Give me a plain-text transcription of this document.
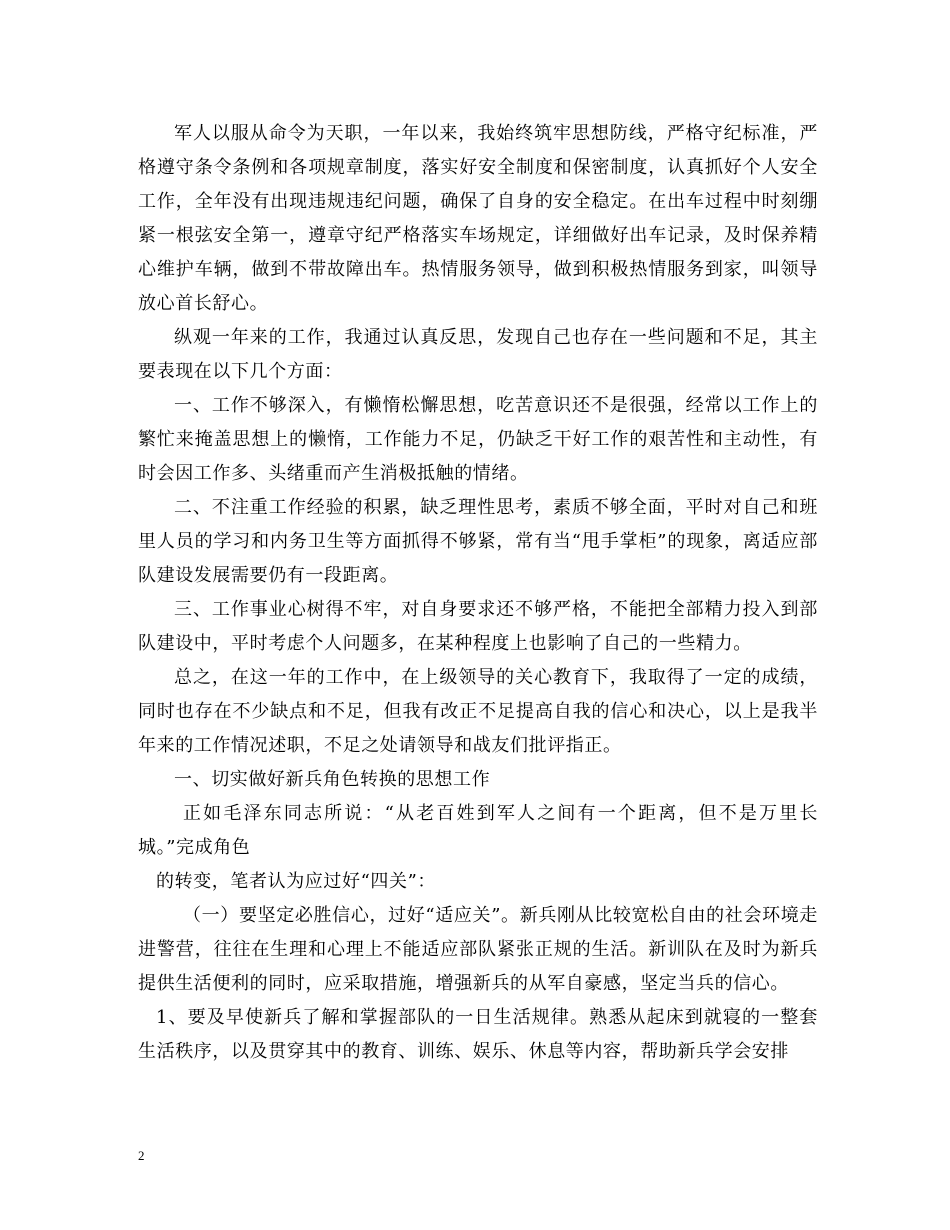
军人以服从命令为天职，一年以来，我始终筑牢思想防线，严格守纪标准，严格遵守条令条例和各项规章制度，落实好安全制度和保密制度，认真抓好个人安全工作，全年没有出现违规违纪问题，确保了自身的安全稳定。在出车过程中时刻绷紧一根弦安全第一，遵章守纪严格落实车场规定，详细做好出车记录，及时保养精心维护车辆，做到不带故障出车。热情服务领导，做到积极热情服务到家，叫领导放心首长舒心。

纵观一年来的工作，我通过认真反思，发现自己也存在一些问题和不足，其主要表现在以下几个方面：

一、工作不够深入，有懒惰松懈思想，吃苦意识还不是很强，经常以工作上的繁忙来掩盖思想上的懒惰，工作能力不足，仍缺乏干好工作的艰苦性和主动性，有时会因工作多、头绪重而产生消极抵触的情绪。

二、不注重工作经验的积累，缺乏理性思考，素质不够全面，平时对自己和班里人员的学习和内务卫生等方面抓得不够紧，常有当“甩手掌柜”的现象，离适应部队建设发展需要仍有一段距离。

三、工作事业心树得不牢，对自身要求还不够严格，不能把全部精力投入到部队建设中，平时考虑个人问题多，在某种程度上也影响了自己的一些精力。

总之，在这一年的工作中，在上级领导的关心教育下，我取得了一定的成绩，同时也存在不少缺点和不足，但我有改正不足提高自我的信心和决心，以上是我半年来的工作情况述职，不足之处请领导和战友们批评指正。

一、切实做好新兵角色转换的思想工作

正如毛泽东同志所说：“从老百姓到军人之间有一个距离，但不是万里长城。”完成角色

的转变，笔者认为应过好“四关”：

（一）要坚定必胜信心，过好“适应关”。新兵刚从比较宽松自由的社会环境走进警营，往往在生理和心理上不能适应部队紧张正规的生活。新训队在及时为新兵提供生活便利的同时，应采取措施，增强新兵的从军自豪感，坚定当兵的信心。

1、要及早使新兵了解和掌握部队的一日生活规律。熟悉从起床到就寝的一整套生活秩序，以及贯穿其中的教育、训练、娱乐、休息等内容，帮助新兵学会安排

2
